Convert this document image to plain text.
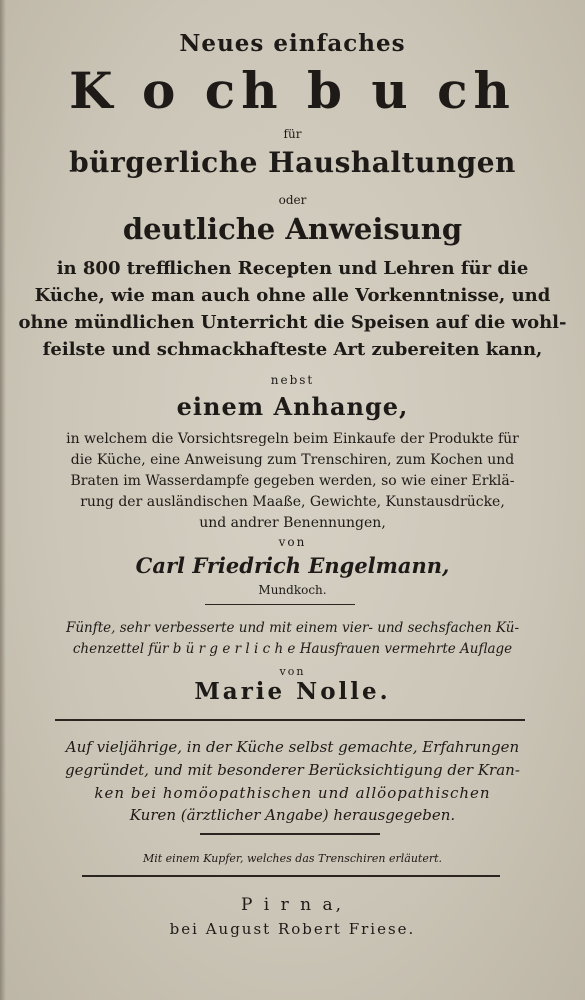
Neues einfaches
K o ch b u ch
für
bürgerliche Haushaltungen
oder
deutliche Anweisung
in 800 trefflichen Recepten und Lehren für die
Küche, wie man auch ohne alle Vorkenntnisse, und
ohne mündlichen Unterricht die Speisen auf die wohl-
feilste und schmackhafteste Art zubereiten kann,
nebst
einem Anhange,
in welchem die Vorsichtsregeln beim Einkaufe der Produkte für
die Küche, eine Anweisung zum Trenschiren, zum Kochen und
Braten im Wasserdampfe gegeben werden, so wie einer Erklä-
rung der ausländischen Maaße, Gewichte, Kunstausdrücke,
und andrer Benennungen,
von
Carl Friedrich Engelmann,
Mundkoch.
Fünfte, sehr verbesserte und mit einem vier- und sechsfachen Kü-
chenzettel für b ü r g e r l i c h e Hausfrauen vermehrte Auflage
von
Marie Nolle.
Auf vieljährige, in der Küche selbst gemachte, Erfahrungen
gegründet, und mit besonderer Berücksichtigung der Kran-
ken bei homöopathischen und allöopathischen
Kuren (ärztlicher Angabe) herausgegeben.
Mit einem Kupfer, welches das Trenschiren erläutert.
P i r n a,
bei August Robert Friese.
